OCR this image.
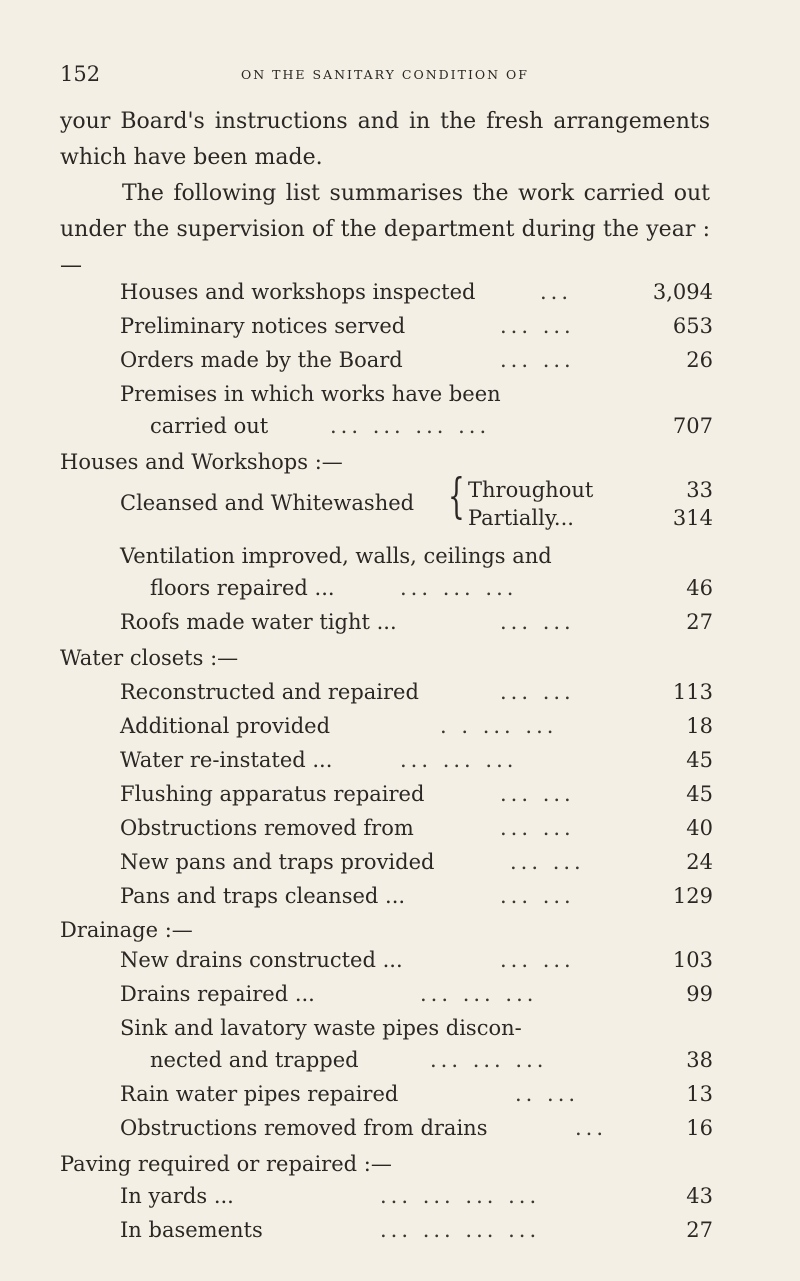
152	ON THE SANITARY CONDITION OF
your Board's instructions and in the fresh arrangements which have been made.
The following list summarises the work carried out under the supervision of the department during the year :—
Houses and workshops inspected	...	3,094
Preliminary notices served	... ...	653
Orders made by the Board	... ...	26
Premises in which works have been
carried out	... ... ... ...	707
Houses and Workshops :—
Cleansed and Whitewashed { Throughout	33
Partially...	314
Ventilation improved, walls, ceilings and
floors repaired ...	... ... ...	46
Roofs made water tight ...	... ...	27
Water closets :—
Reconstructed and repaired	... ...	113
Additional provided	. . ... ...	18
Water re-instated ...	... ... ...	45
Flushing apparatus repaired	... ...	45
Obstructions removed from	... ...	40
New pans and traps provided	... ...	24
Pans and traps cleansed ...	... ...	129
Drainage :—
New drains constructed ...	... ...	103
Drains repaired ...	... ... ...	99
Sink and lavatory waste pipes discon-
nected and trapped	... ... ...	38
Rain water pipes repaired	.. ...	13
Obstructions removed from drains	...	16
Paving required or repaired :—
In yards ...	... ... ... ...	43
In basements	... ... ... ...	27
